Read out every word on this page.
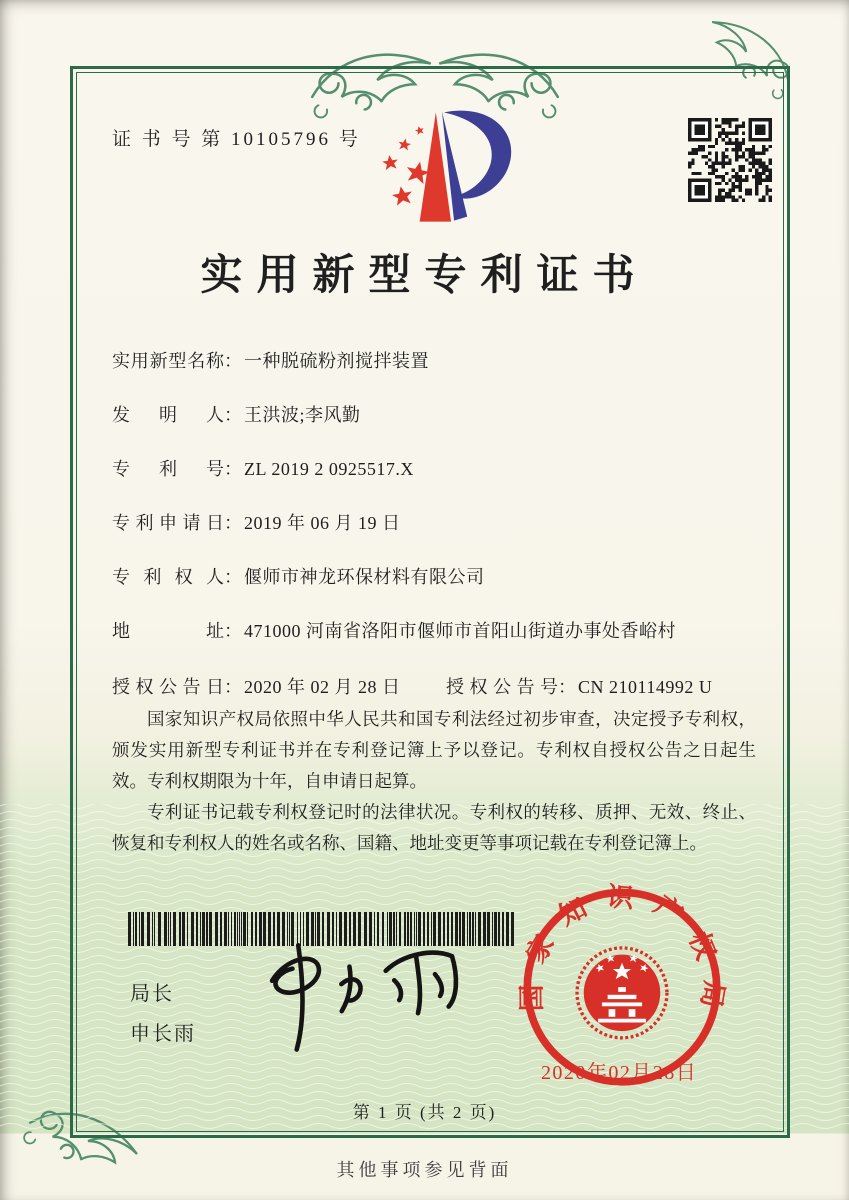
证 书 号 第 10105796 号
实用新型专利证书
实用新型名称 ： 一种脱硫粉剂搅拌装置
发明人 ： 王洪波;李风勤
专利号 ： ZL 2019 2 0925517.X
专利申请日 ： 2019 年 06 月 19 日
专利权人 ： 偃师市神龙环保材料有限公司
地址 ： 471000 河南省洛阳市偃师市首阳山街道办事处香峪村
授权公告日 ： 2020 年 02 月 28 日	授权公告号 ： CN 210114992 U

国家知识产权局依照中华人民共和国专利法经过初步审查，决定授予专利权，颁发实用新型专利证书并在专利登记簿上予以登记。专利权自授权公告之日起生效。专利权期限为十年，自申请日起算。

专利证书记载专利权登记时的法律状况。专利权的转移、质押、无效、终止、恢复和专利权人的姓名或名称、国籍、地址变更等事项记载在专利登记簿上。

局长
申长雨
国家知识产权局
2020年02月28日
第 1 页 (共 2 页)
其他事项参见背面
